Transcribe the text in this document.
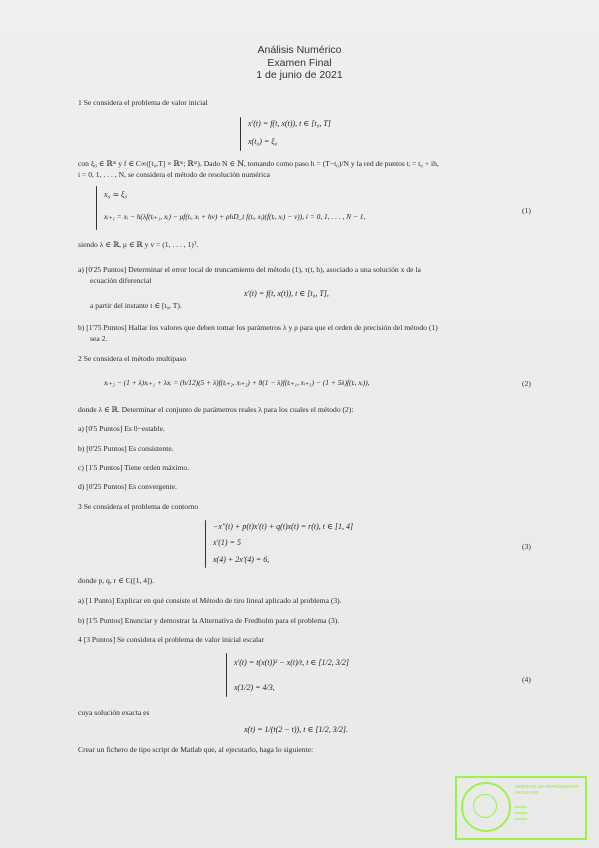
Análisis Numérico
Examen Final
1 de junio de 2021
1 Se considera el problema de valor inicial
x'(t) = f(t, x(t)), t ∈ [t₀, T]
x(t₀) = ξ₀
con ξ₀ ∈ ℝᵐ y f ∈ C∞([t₀,T] × ℝᵐ; ℝᵐ). Dado N ∈ ℕ, tomando como paso h = (T−t₀)/N y la red de puntos tᵢ = t₀ + ih,
i = 0, 1, . . . , N, se considera el método de resolución numérica
x₀ ≃ ξ₀
xᵢ₊₁ = xᵢ − h(λf(tᵢ₊₁, xᵢ) − μf(tᵢ, xᵢ + hv) + ρhD_t f(tᵢ, xᵢ)(f(tᵢ, xᵢ) − v)), i = 0, 1, . . . , N − 1,
(1)
siendo λ ∈ ℝ, μ ∈ ℝ y v = (1, . . . , 1)ᵀ.
a) [0'25 Puntos] Determinar el error local de truncamiento del método (1), τ(t, h), asociado a una solución x de la
ecuación diferencial
x'(t) = f(t, x(t)), t ∈ [t₀, T],
a partir del instante t ∈ [t₀, T).
b) [1'75 Puntos] Hallar los valores que deben tomar los parámetros λ y ρ para que el orden de precisión del método (1)
sea 2.
2 Se considera el método multipaso
xᵢ₊₂ − (1 + λ)xᵢ₊₁ + λxᵢ = (h/12)(5 + λ)f(tᵢ₊₂, xᵢ₊₂) + 8(1 − λ)f(tᵢ₊₁, xᵢ₊₁) − (1 + 5λ)f(tᵢ, xᵢ)),	(2)
donde λ ∈ ℝ. Determinar el conjunto de parámetros reales λ para los cuales el método (2):
a) [0'5 Puntos] Es 0−estable.
b) [0'25 Puntos] Es consistente.
c) [1'5 Puntos] Tiene orden máximo.
d) [0'25 Puntos] Es convergente.
3 Se considera el problema de contorno
−x''(t) + p(t)x'(t) + q(t)x(t) = r(t), t ∈ [1, 4]
x'(1) = 5
x(4) + 2x'(4) = 6,
(3)
donde p, q, r ∈ C([1, 4]).
a) [1 Punto] Explicar en qué consiste el Método de tiro lineal aplicado al problema (3).
b) [1'5 Puntos] Enunciar y demostrar la Alternativa de Fredholm para el problema (3).
4 [3 Puntos] Se considera el problema de valor inicial escalar
x'(t) = t(x(t))² − x(t)/t, t ∈ [1/2, 3/2]
x(1/2) = 4/3,
(4)
cuya solución exacta es
x(t) = 1/(t(2 − t)), t ∈ [1/2, 3/2].
Crear un fichero de tipo script de Matlab que, al ejecutarlo, haga lo siguiente:
SERVICIO DE REPROGRAFÍA · FACULTAD
